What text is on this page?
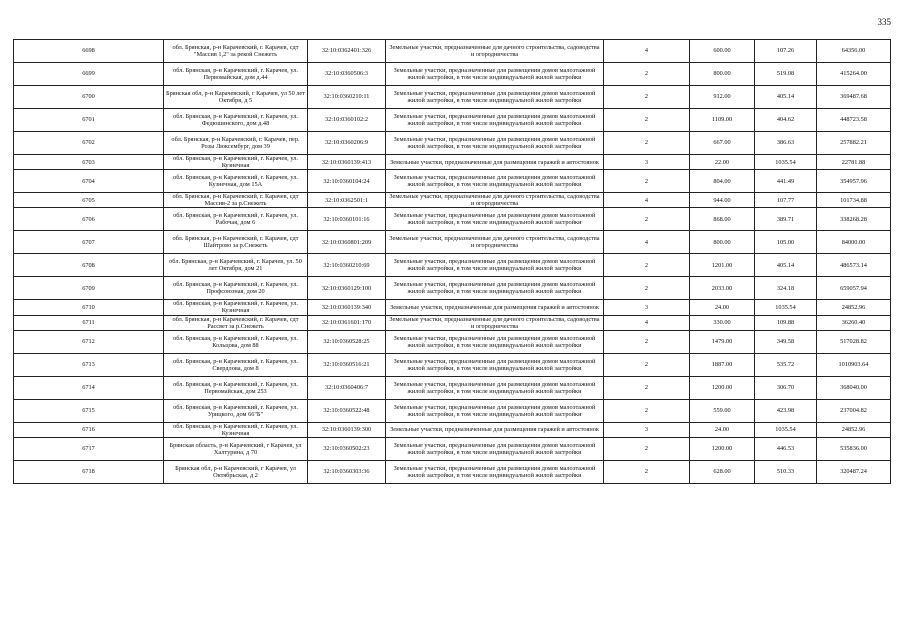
335
6698	обл. Брянская, р-н Карачевский, г. Карачев, сдт "Массив 1,2" за рекой Снежеть	32:10:0362401:326	Земельные участки, предназначенные для дачного строительства, садоводства и огородничества	4	600.00	107.26	64356.00
6699	обл. Брянская, р-н Карачевский, г. Карачев, ул. Первомайская, дом д.44	32:10:0360506:3	Земельные участки, предназначенные для размещения домов малоэтажной жилой застройки, в том числе индивидуальной жилой застройки	2	800.00	519.08	415264.00
6700	Брянская обл, р-н Карачевский, г Карачев, ул 50 лет Октября, д 5	32:10:0360210:11	Земельные участки, предназначенные для размещения домов малоэтажной жилой застройки, в том числе индивидуальной жилой застройки	2	912.00	405.14	369487.68
6701	обл. Брянская, р-н Карачевский, г. Карачев, ул. Федюшинского, дом д.48	32:10:0360102:2	Земельные участки, предназначенные для размещения домов малоэтажной жилой застройки, в том числе индивидуальной жилой застройки	2	1109.00	404.62	448723.58
6702	обл. Брянская, р-н Карачевский, г. Карачев, пер. Розы Люксембург, дом 39	32:10:0360206:9	Земельные участки, предназначенные для размещения домов малоэтажной жилой застройки, в том числе индивидуальной жилой застройки	2	667.00	386.63	257882.21
6703	обл. Брянская, р-н Карачевский, г. Карачев, ул. Кузнечная	32:10:0360139:413	Земельные участки, предназначенные для размещения гаражей и автостоянок	3	22.00	1035.54	22781.88
6704	обл. Брянская, р-н Карачевский, г. Карачев, ул. Кузнечная, дом 15А	32:10:0360104:24	Земельные участки, предназначенные для размещения домов малоэтажной жилой застройки, в том числе индивидуальной жилой застройки	2	804.00	441.49	354957.96
6705	обл. Брянская, р-н Карачевский, г. Карачев, сдт Массив-2 за р.Снежеть	32:10:0362501:1	Земельные участки, предназначенные для дачного строительства, садоводства и огородничества	4	944.00	107.77	101734.88
6706	обл. Брянская, р-н Карачевский, г. Карачев, ул. Рабочая, дом 6	32:10:0360101:16	Земельные участки, предназначенные для размещения домов малоэтажной жилой застройки, в том числе индивидуальной жилой застройки	2	868.00	389.71	338268.28
6707	обл. Брянская, р-н Карачевский, г. Карачев, сдт Шайтрово за р.Снежеть	32:10:0360801:209	Земельные участки, предназначенные для дачного строительства, садоводства и огородничества	4	800.00	105.00	84000.00
6708	обл. Брянская, р-н Карачевский, г. Карачев, ул. 50 лет Октября, дом 21	32:10:0360210:69	Земельные участки, предназначенные для размещения домов малоэтажной жилой застройки, в том числе индивидуальной жилой застройки	2	1201.00	405.14	486573.14
6709	обл. Брянская, р-н Карачевский, г. Карачев, ул. Профсоюзная, дом 20	32:10:0360129:100	Земельные участки, предназначенные для размещения домов малоэтажной жилой застройки, в том числе индивидуальной жилой застройки	2	2033.00	324.18	659057.94
6710	обл. Брянская, р-н Карачевский, г. Карачев, ул. Кузнечная	32:10:0360139:340	Земельные участки, предназначенные для размещения гаражей и автостоянок	3	24.00	1035.54	24852.96
6711	обл. Брянская, р-н Карачевский, г. Карачев, сдт Рассвет за р.Снежеть	32:10:0361601:170	Земельные участки, предназначенные для дачного строительства, садоводства и огородничества	4	330.00	109.88	36260.40
6712	обл. Брянская, р-н Карачевский, г. Карачев, ул. Кольцова, дом 88	32:10:0360528:25	Земельные участки, предназначенные для размещения домов малоэтажной жилой застройки, в том числе индивидуальной жилой застройки	2	1479.00	349.58	517028.82
6713	обл. Брянская, р-н Карачевский, г. Карачев, ул. Свердлова, дом 8	32:10:0360516:21	Земельные участки, предназначенные для размещения домов малоэтажной жилой застройки, в том числе индивидуальной жилой застройки	2	1887.00	535.72	1010903.64
6714	обл. Брянская, р-н Карачевский, г. Карачев, ул. Первомайская, дом 253	32:10:0360406:7	Земельные участки, предназначенные для размещения домов малоэтажной жилой застройки, в том числе индивидуальной жилой застройки	2	1200.00	306.70	368040.00
6715	обл. Брянская, р-н Карачевский, г. Карачев, ул. Урицкого, дом 66"Б"	32:10:0360522:48	Земельные участки, предназначенные для размещения домов малоэтажной жилой застройки, в том числе индивидуальной жилой застройки	2	559.00	423.98	237004.82
6716	обл. Брянская, р-н Карачевский, г. Карачев, ул. Кузнечная	32:10:0360139:300	Земельные участки, предназначенные для размещения гаражей и автостоянок	3	24.00	1035.54	24852.96
6717	Брянская область, р-н Карачевский, г Карачев, ул Халтурина, д 70	32:10:0360502:23	Земельные участки, предназначенные для размещения домов малоэтажной жилой застройки, в том числе индивидуальной жилой застройки	2	1200.00	446.53	535836.00
6718	Брянская обл, р-н Карачевский, г Карачев, ул Октябрьская, д 2	32:10:0360303:36	Земельные участки, предназначенные для размещения домов малоэтажной жилой застройки, в том числе индивидуальной жилой застройки	2	628.00	510.33	320487.24
